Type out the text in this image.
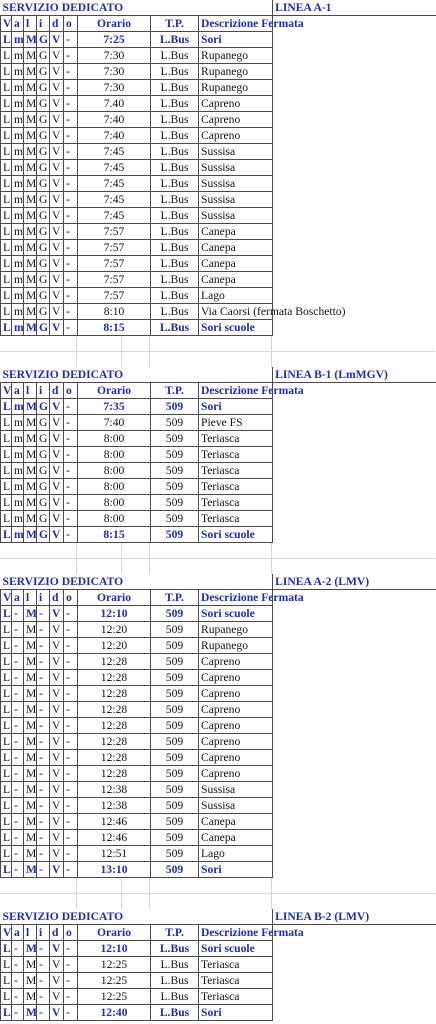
SERVIZIO DEDICATO									LINEA A-1
V	a	l	i	d	o	Orario	T.P.	Descrizione Fermata	
L	m	M	G	V	-	7:25	L.Bus	Sori	
L	m	M	G	V	-	7:30	L.Bus	Rupanego	
L	m	M	G	V	-	7:30	L.Bus	Rupanego	
L	m	M	G	V	-	7:30	L.Bus	Rupanego	
L	m	M	G	V	-	7.40	L.Bus	Capreno	
L	m	M	G	V	-	7:40	L.Bus	Capreno	
L	m	M	G	V	-	7:40	L.Bus	Capreno	
L	m	M	G	V	-	7:45	L.Bus	Sussisa	
L	m	M	G	V	-	7:45	L.Bus	Sussisa	
L	m	M	G	V	-	7:45	L.Bus	Sussisa	
L	m	M	G	V	-	7:45	L.Bus	Sussisa	
L	m	M	G	V	-	7:45	L.Bus	Sussisa	
L	m	M	G	V	-	7:57	L.Bus	Canepa	
L	m	M	G	V	-	7:57	L.Bus	Canepa	
L	m	M	G	V	-	7:57	L.Bus	Canepa	
L	m	M	G	V	-	7:57	L.Bus	Canepa	
L	m	M	G	V	-	7:57	L.Bus	Lago	
L	m	M	G	V	-	8:10	L.Bus	Via Caorsi (fermata Boschetto)	
L	m	M	G	V	-	8:15	L.Bus	Sori scuole	
SERVIZIO DEDICATO									LINEA B-1 (LmMGV)
V	a	l	i	d	o	Orario	T.P.	Descrizione Fermata	
L	m	M	G	V	-	7:35	509	Sori	
L	m	M	G	V	-	7:40	509	Pieve FS	
L	m	M	G	V	-	8:00	509	Teriasca	
L	m	M	G	V	-	8:00	509	Teriasca	
L	m	M	G	V	-	8:00	509	Teriasca	
L	m	M	G	V	-	8:00	509	Teriasca	
L	m	M	G	V	-	8:00	509	Teriasca	
L	m	M	G	V	-	8:00	509	Teriasca	
L	m	M	G	V	-	8:15	509	Sori scuole	
SERVIZIO DEDICATO									LINEA A-2 (LMV)
V	a	l	i	d	o	Orario	T.P.	Descrizione Fermata	
L	-	M	-	V	-	12:10	509	Sori scuole	
L	-	M	-	V	-	12:20	509	Rupanego	
L	-	M	-	V	-	12:20	509	Rupanego	
L	-	M	-	V	-	12:28	509	Capreno	
L	-	M	-	V	-	12:28	509	Capreno	
L	-	M	-	V	-	12:28	509	Capreno	
L	-	M	-	V	-	12:28	509	Capreno	
L	-	M	-	V	-	12:28	509	Capreno	
L	-	M	-	V	-	12:28	509	Capreno	
L	-	M	-	V	-	12:28	509	Capreno	
L	-	M	-	V	-	12:28	509	Capreno	
L	-	M	-	V	-	12:38	509	Sussisa	
L	-	M	-	V	-	12:38	509	Sussisa	
L	-	M	-	V	-	12:46	509	Canepa	
L	-	M	-	V	-	12:46	509	Canepa	
L	-	M	-	V	-	12:51	509	Lago	
L	-	M	-	V	-	13:10	509	Sori	
SERVIZIO DEDICATO									LINEA B-2 (LMV)
V	a	l	i	d	o	Orario	T.P.	Descrizione Fermata	
L	-	M	-	V	-	12:10	L.Bus	Sori scuole	
L	-	M	-	V	-	12:25	L.Bus	Teriasca	
L	-	M	-	V	-	12:25	L.Bus	Teriasca	
L	-	M	-	V	-	12:25	L.Bus	Teriasca	
L	-	M	-	V	-	12:40	L.Bus	Sori	
